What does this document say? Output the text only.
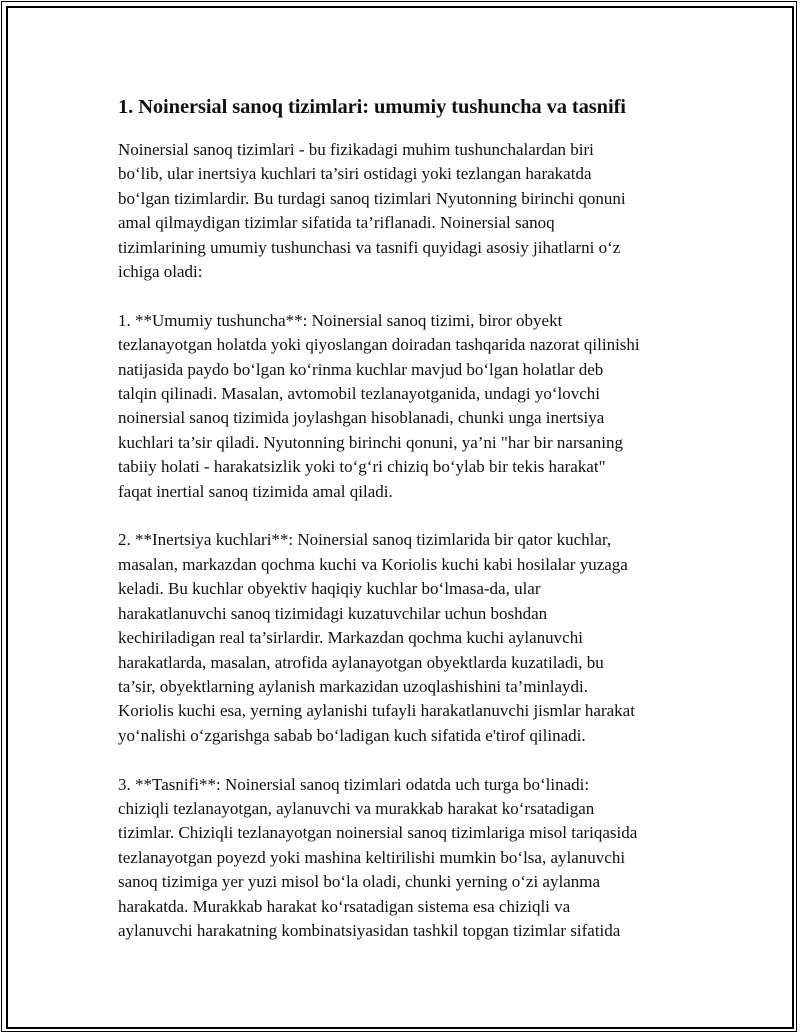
1. Noinersial sanoq tizimlari: umumiy tushuncha va tasnifi
Noinersial sanoq tizimlari - bu fizikadagi muhim tushunchalardan biri
bo‘lib, ular inertsiya kuchlari ta’siri ostidagi yoki tezlangan harakatda
bo‘lgan tizimlardir. Bu turdagi sanoq tizimlari Nyutonning birinchi qonuni
amal qilmaydigan tizimlar sifatida ta’riflanadi. Noinersial sanoq
tizimlarining umumiy tushunchasi va tasnifi quyidagi asosiy jihatlarni o‘z
ichiga oladi:
1. **Umumiy tushuncha**: Noinersial sanoq tizimi, biror obyekt
tezlanayotgan holatda yoki qiyoslangan doiradan tashqarida nazorat qilinishi
natijasida paydo bo‘lgan ko‘rinma kuchlar mavjud bo‘lgan holatlar deb
talqin qilinadi. Masalan, avtomobil tezlanayotganida, undagi yo‘lovchi
noinersial sanoq tizimida joylashgan hisoblanadi, chunki unga inertsiya
kuchlari ta’sir qiladi. Nyutonning birinchi qonuni, ya’ni "har bir narsaning
tabiiy holati - harakatsizlik yoki to‘g‘ri chiziq bo‘ylab bir tekis harakat"
faqat inertial sanoq tizimida amal qiladi.
2. **Inertsiya kuchlari**: Noinersial sanoq tizimlarida bir qator kuchlar,
masalan, markazdan qochma kuchi va Koriolis kuchi kabi hosilalar yuzaga
keladi. Bu kuchlar obyektiv haqiqiy kuchlar bo‘lmasa-da, ular
harakatlanuvchi sanoq tizimidagi kuzatuvchilar uchun boshdan
kechiriladigan real ta’sirlardir. Markazdan qochma kuchi aylanuvchi
harakatlarda, masalan, atrofida aylanayotgan obyektlarda kuzatiladi, bu
ta’sir, obyektlarning aylanish markazidan uzoqlashishini ta’minlaydi.
Koriolis kuchi esa, yerning aylanishi tufayli harakatlanuvchi jismlar harakat
yo‘nalishi o‘zgarishga sabab bo‘ladigan kuch sifatida e'tirof qilinadi.
3. **Tasnifi**: Noinersial sanoq tizimlari odatda uch turga bo‘linadi:
chiziqli tezlanayotgan, aylanuvchi va murakkab harakat ko‘rsatadigan
tizimlar. Chiziqli tezlanayotgan noinersial sanoq tizimlariga misol tariqasida
tezlanayotgan poyezd yoki mashina keltirilishi mumkin bo‘lsa, aylanuvchi
sanoq tizimiga yer yuzi misol bo‘la oladi, chunki yerning o‘zi aylanma
harakatda. Murakkab harakat ko‘rsatadigan sistema esa chiziqli va
aylanuvchi harakatning kombinatsiyasidan tashkil topgan tizimlar sifatida
